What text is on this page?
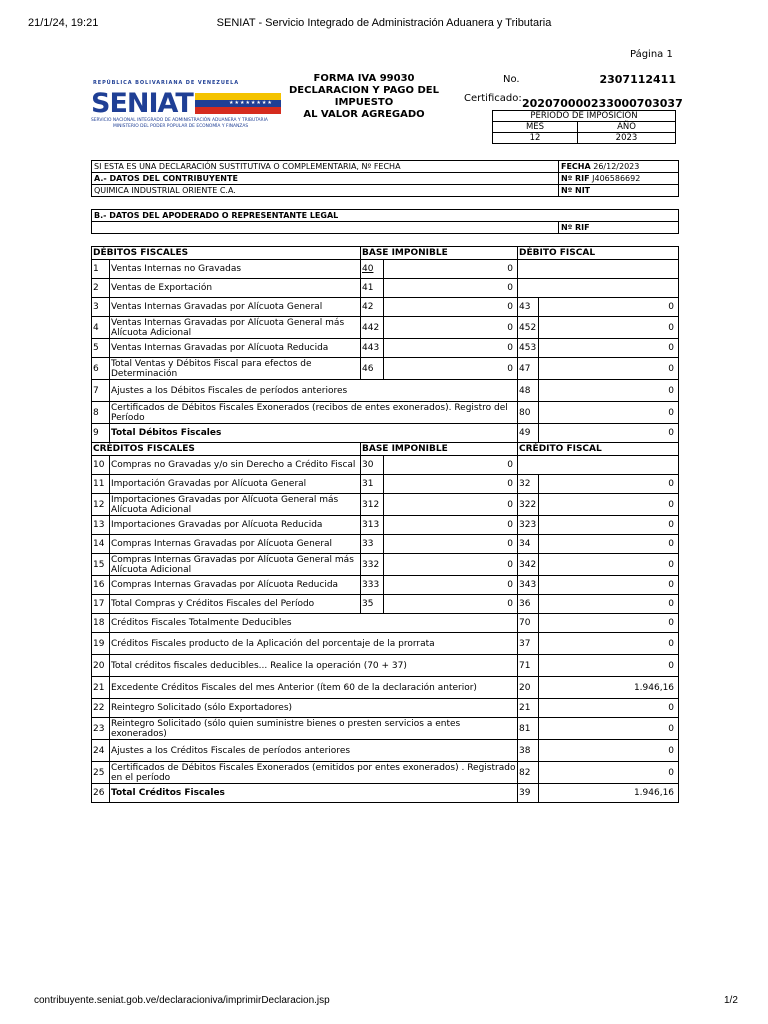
21/1/24, 19:21	SENIAT - Servicio Integrado de Administración Aduanera y Tributaria
Página 1
REPÚBLICA BOLIVARIANA DE VENEZUELA
SENIAT	★★★★★★★★
SERVICIO NACIONAL INTEGRADO DE ADMINISTRACIÓN ADUANERA Y TRIBUTARIA
MINISTERIO DEL PODER POPULAR DE ECONOMÍA Y FINANZAS
FORMA IVA 99030
DECLARACION Y PAGO DEL
IMPUESTO
AL VALOR AGREGADO
No.	2307112411
Certificado: 20207000023300070303​7
PERIODO DE IMPOSICION	
MES	AÑO
12	2023
SI ESTA ES UNA DECLARACIÓN SUSTITUTIVA O COMPLEMENTARIA, Nº FECHA
A.- DATOS DEL CONTRIBUYENTE
QUIMICA INDUSTRIAL ORIENTE C.A.
FECHA 26/12/2023
Nº RIF J406586692
Nº NIT
B.- DATOS DEL APODERADO O REPRESENTANTE LEGAL
Nº RIF
DÉBITOS FISCALES		BASE IMPONIBLE		DÉBITO FISCAL	
1	Ventas Internas no Gravadas	40	0		
2	Ventas de Exportación	41	0		
3	Ventas Internas Gravadas por Alícuota General	42	0	43	0
4	Ventas Internas Gravadas por Alícuota General más Alícuota Adicional	442	0	452	0
5	Ventas Internas Gravadas por Alícuota Reducida	443	0	453	0
6	Total Ventas y Débitos Fiscal para efectos de Determinación	46	0	47	0
7	Ajustes a los Débitos Fiscales de períodos anteriores			48	0
8	Certificados de Débitos Fiscales Exonerados (recibos de entes exonerados). Registro del Período			80	0
9	Total Débitos Fiscales			49	0
CRÉDITOS FISCALES		BASE IMPONIBLE		CRÉDITO FISCAL	
10	Compras no Gravadas y/o sin Derecho a Crédito Fiscal	30	0		
11	Importación Gravadas por Alícuota General	31	0	32	0
12	Importaciones Gravadas por Alícuota General más Alícuota Adicional	312	0	322	0
13	Importaciones Gravadas por Alícuota Reducida	313	0	323	0
14	Compras Internas Gravadas por Alícuota General	33	0	34	0
15	Compras Internas Gravadas por Alícuota General más Alícuota Adicional	332	0	342	0
16	Compras Internas Gravadas por Alícuota Reducida	333	0	343	0
17	Total Compras y Créditos Fiscales del Período	35	0	36	0
18	Créditos Fiscales Totalmente Deducibles			70	0
19	Créditos Fiscales producto de la Aplicación del porcentaje de la prorrata			37	0
20	Total créditos fiscales deducibles... Realice la operación (70 + 37)			71	0
21	Excedente Créditos Fiscales del mes Anterior (ítem 60 de la declaración anterior)			20	1.946,16
22	Reintegro Solicitado (sólo Exportadores)			21	0
23	Reintegro Solicitado (sólo quien suministre bienes o presten servicios a entes exonerados)			81	0
24	Ajustes a los Créditos Fiscales de períodos anteriores			38	0
25	Certificados de Débitos Fiscales Exonerados (emitidos por entes exonerados) . Registrado en el período			82	0
26	Total Créditos Fiscales			39	1.946,16
contribuyente.seniat.gob.ve/declaracioniva/imprimirDeclaracion.jsp	1/2
